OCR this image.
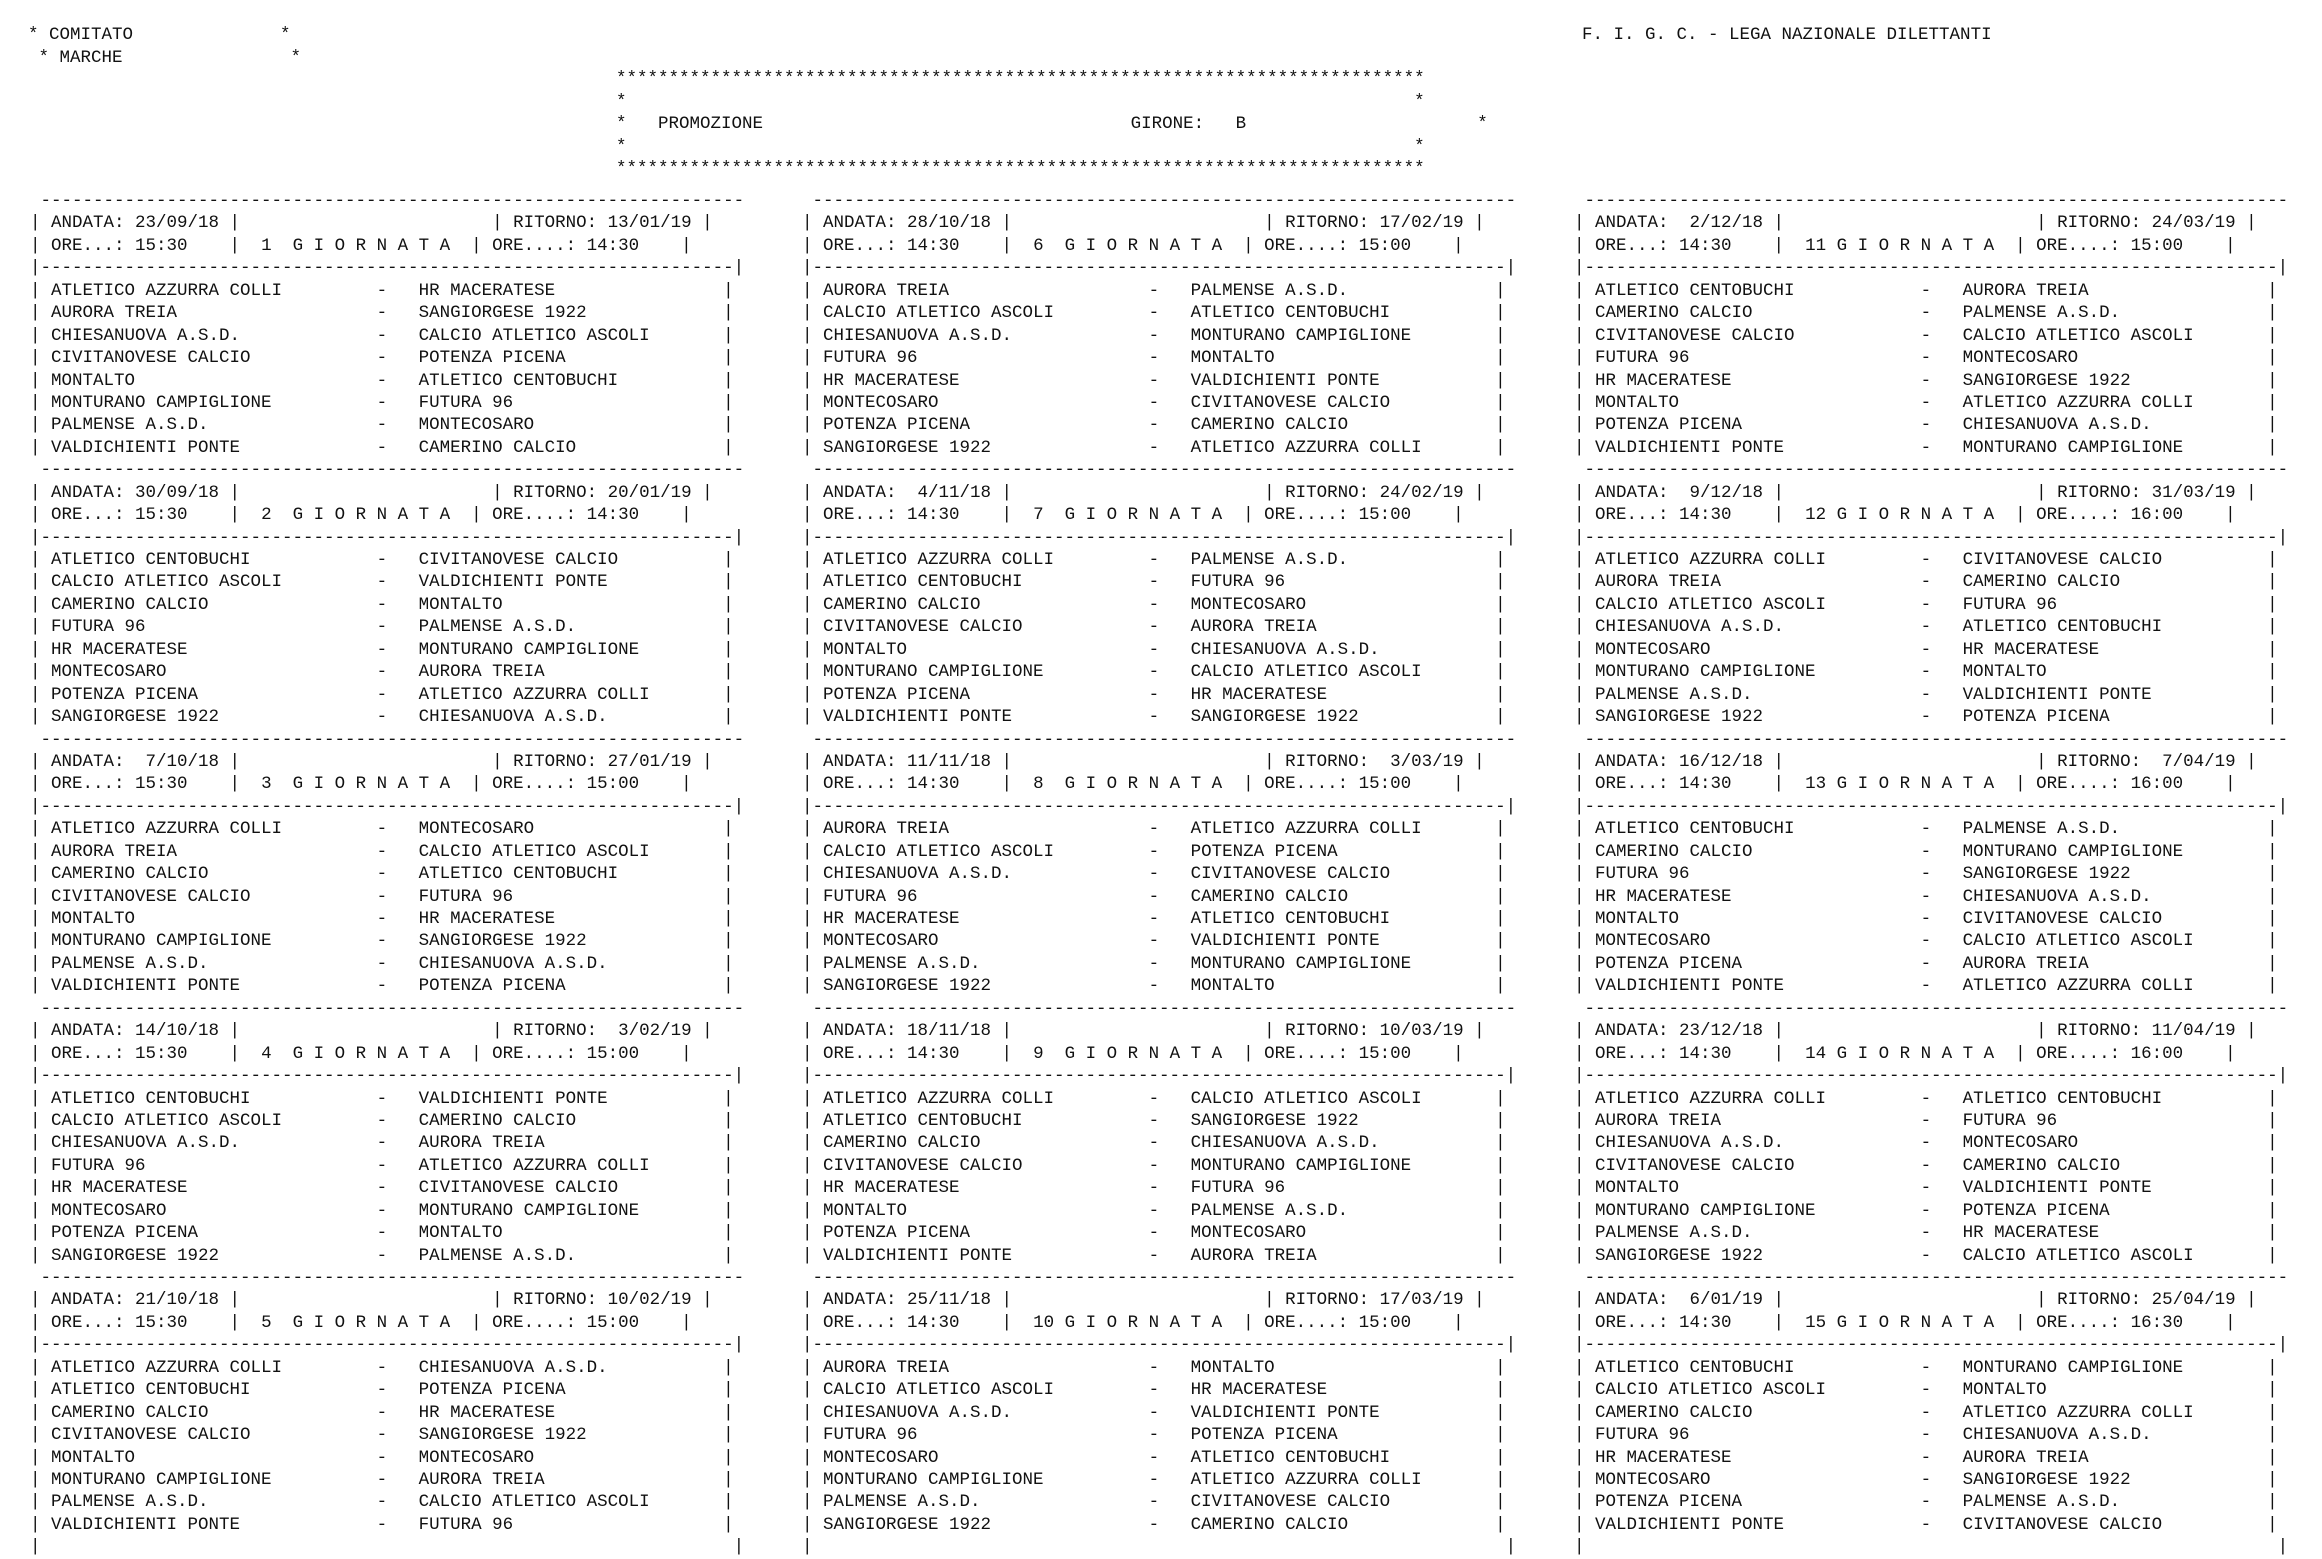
* COMITATO              *
* MARCHE                *
F. I. G. C. - LEGA NAZIONALE DILETTANTI
*****************************************************************************
*                                                                           *
*   PROMOZIONE	GIRONE: B                      *
*                                                                           *
*****************************************************************************
-------------------------------------------------------------------
| ANDATA: 23/09/18 |                        | RITORNO: 13/01/19 |
| ORE...: 15:30    |  1  G I O R N A T A  | ORE....: 14:30    |
|------------------------------------------------------------------|
| ATLETICO AZZURRA COLLI         -   HR MACERATESE                |
| AURORA TREIA                   -   SANGIORGESE 1922             |
| CHIESANUOVA A.S.D.             -   CALCIO ATLETICO ASCOLI       |
| CIVITANOVESE CALCIO            -   POTENZA PICENA               |
| MONTALTO                       -   ATLETICO CENTOBUCHI          |
| MONTURANO CAMPIGLIONE          -   FUTURA 96                    |
| PALMENSE A.S.D.                -   MONTECOSARO                  |
| VALDICHIENTI PONTE             -   CAMERINO CALCIO              |
-------------------------------------------------------------------
| ANDATA: 30/09/18 |                        | RITORNO: 20/01/19 |
| ORE...: 15:30    |  2  G I O R N A T A  | ORE....: 14:30    |
|------------------------------------------------------------------|
| ATLETICO CENTOBUCHI            -   CIVITANOVESE CALCIO          |
| CALCIO ATLETICO ASCOLI         -   VALDICHIENTI PONTE           |
| CAMERINO CALCIO                -   MONTALTO                     |
| FUTURA 96                      -   PALMENSE A.S.D.              |
| HR MACERATESE                  -   MONTURANO CAMPIGLIONE        |
| MONTECOSARO                    -   AURORA TREIA                 |
| POTENZA PICENA                 -   ATLETICO AZZURRA COLLI       |
| SANGIORGESE 1922               -   CHIESANUOVA A.S.D.           |
-------------------------------------------------------------------
| ANDATA:  7/10/18 |                        | RITORNO: 27/01/19 |
| ORE...: 15:30    |  3  G I O R N A T A  | ORE....: 15:00    |
|------------------------------------------------------------------|
| ATLETICO AZZURRA COLLI         -   MONTECOSARO                  |
| AURORA TREIA                   -   CALCIO ATLETICO ASCOLI       |
| CAMERINO CALCIO                -   ATLETICO CENTOBUCHI          |
| CIVITANOVESE CALCIO            -   FUTURA 96                    |
| MONTALTO                       -   HR MACERATESE                |
| MONTURANO CAMPIGLIONE          -   SANGIORGESE 1922             |
| PALMENSE A.S.D.                -   CHIESANUOVA A.S.D.           |
| VALDICHIENTI PONTE             -   POTENZA PICENA               |
-------------------------------------------------------------------
| ANDATA: 14/10/18 |                        | RITORNO:  3/02/19 |
| ORE...: 15:30    |  4  G I O R N A T A  | ORE....: 15:00    |
|------------------------------------------------------------------|
| ATLETICO CENTOBUCHI            -   VALDICHIENTI PONTE           |
| CALCIO ATLETICO ASCOLI         -   CAMERINO CALCIO              |
| CHIESANUOVA A.S.D.             -   AURORA TREIA                 |
| FUTURA 96                      -   ATLETICO AZZURRA COLLI       |
| HR MACERATESE                  -   CIVITANOVESE CALCIO          |
| MONTECOSARO                    -   MONTURANO CAMPIGLIONE        |
| POTENZA PICENA                 -   MONTALTO                     |
| SANGIORGESE 1922               -   PALMENSE A.S.D.              |
-------------------------------------------------------------------
| ANDATA: 21/10/18 |                        | RITORNO: 10/02/19 |
| ORE...: 15:30    |  5  G I O R N A T A  | ORE....: 15:00    |
|------------------------------------------------------------------|
| ATLETICO AZZURRA COLLI         -   CHIESANUOVA A.S.D.           |
| ATLETICO CENTOBUCHI            -   POTENZA PICENA               |
| CAMERINO CALCIO                -   HR MACERATESE                |
| CIVITANOVESE CALCIO            -   SANGIORGESE 1922             |
| MONTALTO                       -   MONTECOSARO                  |
| MONTURANO CAMPIGLIONE          -   AURORA TREIA                 |
| PALMENSE A.S.D.                -   CALCIO ATLETICO ASCOLI       |
| VALDICHIENTI PONTE             -   FUTURA 96                    |
|                                                                  |
-------------------------------------------------------------------
| ANDATA: 28/10/18 |                        | RITORNO: 17/02/19 |
| ORE...: 14:30    |  6  G I O R N A T A  | ORE....: 15:00    |
|------------------------------------------------------------------|
| AURORA TREIA                   -   PALMENSE A.S.D.              |
| CALCIO ATLETICO ASCOLI         -   ATLETICO CENTOBUCHI          |
| CHIESANUOVA A.S.D.             -   MONTURANO CAMPIGLIONE        |
| FUTURA 96                      -   MONTALTO                     |
| HR MACERATESE                  -   VALDICHIENTI PONTE           |
| MONTECOSARO                    -   CIVITANOVESE CALCIO          |
| POTENZA PICENA                 -   CAMERINO CALCIO              |
| SANGIORGESE 1922               -   ATLETICO AZZURRA COLLI       |
-------------------------------------------------------------------
| ANDATA:  4/11/18 |                        | RITORNO: 24/02/19 |
| ORE...: 14:30    |  7  G I O R N A T A  | ORE....: 15:00    |
|------------------------------------------------------------------|
| ATLETICO AZZURRA COLLI         -   PALMENSE A.S.D.              |
| ATLETICO CENTOBUCHI            -   FUTURA 96                    |
| CAMERINO CALCIO                -   MONTECOSARO                  |
| CIVITANOVESE CALCIO            -   AURORA TREIA                 |
| MONTALTO                       -   CHIESANUOVA A.S.D.           |
| MONTURANO CAMPIGLIONE          -   CALCIO ATLETICO ASCOLI       |
| POTENZA PICENA                 -   HR MACERATESE                |
| VALDICHIENTI PONTE             -   SANGIORGESE 1922             |
-------------------------------------------------------------------
| ANDATA: 11/11/18 |                        | RITORNO:  3/03/19 |
| ORE...: 14:30    |  8  G I O R N A T A  | ORE....: 15:00    |
|------------------------------------------------------------------|
| AURORA TREIA                   -   ATLETICO AZZURRA COLLI       |
| CALCIO ATLETICO ASCOLI         -   POTENZA PICENA               |
| CHIESANUOVA A.S.D.             -   CIVITANOVESE CALCIO          |
| FUTURA 96                      -   CAMERINO CALCIO              |
| HR MACERATESE                  -   ATLETICO CENTOBUCHI          |
| MONTECOSARO                    -   VALDICHIENTI PONTE           |
| PALMENSE A.S.D.                -   MONTURANO CAMPIGLIONE        |
| SANGIORGESE 1922               -   MONTALTO                     |
-------------------------------------------------------------------
| ANDATA: 18/11/18 |                        | RITORNO: 10/03/19 |
| ORE...: 14:30    |  9  G I O R N A T A  | ORE....: 15:00    |
|------------------------------------------------------------------|
| ATLETICO AZZURRA COLLI         -   CALCIO ATLETICO ASCOLI       |
| ATLETICO CENTOBUCHI            -   SANGIORGESE 1922             |
| CAMERINO CALCIO                -   CHIESANUOVA A.S.D.           |
| CIVITANOVESE CALCIO            -   MONTURANO CAMPIGLIONE        |
| HR MACERATESE                  -   FUTURA 96                    |
| MONTALTO                       -   PALMENSE A.S.D.              |
| POTENZA PICENA                 -   MONTECOSARO                  |
| VALDICHIENTI PONTE             -   AURORA TREIA                 |
-------------------------------------------------------------------
| ANDATA: 25/11/18 |                        | RITORNO: 17/03/19 |
| ORE...: 14:30    |  10 G I O R N A T A  | ORE....: 15:00    |
|------------------------------------------------------------------|
| AURORA TREIA                   -   MONTALTO                     |
| CALCIO ATLETICO ASCOLI         -   HR MACERATESE                |
| CHIESANUOVA A.S.D.             -   VALDICHIENTI PONTE           |
| FUTURA 96                      -   POTENZA PICENA               |
| MONTECOSARO                    -   ATLETICO CENTOBUCHI          |
| MONTURANO CAMPIGLIONE          -   ATLETICO AZZURRA COLLI       |
| PALMENSE A.S.D.                -   CIVITANOVESE CALCIO          |
| SANGIORGESE 1922               -   CAMERINO CALCIO              |
|                                                                  |
-------------------------------------------------------------------
| ANDATA:  2/12/18 |                        | RITORNO: 24/03/19 |
| ORE...: 14:30    |  11 G I O R N A T A  | ORE....: 15:00    |
|------------------------------------------------------------------|
| ATLETICO CENTOBUCHI            -   AURORA TREIA                 |
| CAMERINO CALCIO                -   PALMENSE A.S.D.              |
| CIVITANOVESE CALCIO            -   CALCIO ATLETICO ASCOLI       |
| FUTURA 96                      -   MONTECOSARO                  |
| HR MACERATESE                  -   SANGIORGESE 1922             |
| MONTALTO                       -   ATLETICO AZZURRA COLLI       |
| POTENZA PICENA                 -   CHIESANUOVA A.S.D.           |
| VALDICHIENTI PONTE             -   MONTURANO CAMPIGLIONE        |
-------------------------------------------------------------------
| ANDATA:  9/12/18 |                        | RITORNO: 31/03/19 |
| ORE...: 14:30    |  12 G I O R N A T A  | ORE....: 16:00    |
|------------------------------------------------------------------|
| ATLETICO AZZURRA COLLI         -   CIVITANOVESE CALCIO          |
| AURORA TREIA                   -   CAMERINO CALCIO              |
| CALCIO ATLETICO ASCOLI         -   FUTURA 96                    |
| CHIESANUOVA A.S.D.             -   ATLETICO CENTOBUCHI          |
| MONTECOSARO                    -   HR MACERATESE                |
| MONTURANO CAMPIGLIONE          -   MONTALTO                     |
| PALMENSE A.S.D.                -   VALDICHIENTI PONTE           |
| SANGIORGESE 1922               -   POTENZA PICENA               |
-------------------------------------------------------------------
| ANDATA: 16/12/18 |                        | RITORNO:  7/04/19 |
| ORE...: 14:30    |  13 G I O R N A T A  | ORE....: 16:00    |
|------------------------------------------------------------------|
| ATLETICO CENTOBUCHI            -   PALMENSE A.S.D.              |
| CAMERINO CALCIO                -   MONTURANO CAMPIGLIONE        |
| FUTURA 96                      -   SANGIORGESE 1922             |
| HR MACERATESE                  -   CHIESANUOVA A.S.D.           |
| MONTALTO                       -   CIVITANOVESE CALCIO          |
| MONTECOSARO                    -   CALCIO ATLETICO ASCOLI       |
| POTENZA PICENA                 -   AURORA TREIA                 |
| VALDICHIENTI PONTE             -   ATLETICO AZZURRA COLLI       |
-------------------------------------------------------------------
| ANDATA: 23/12/18 |                        | RITORNO: 11/04/19 |
| ORE...: 14:30    |  14 G I O R N A T A  | ORE....: 16:00    |
|------------------------------------------------------------------|
| ATLETICO AZZURRA COLLI         -   ATLETICO CENTOBUCHI          |
| AURORA TREIA                   -   FUTURA 96                    |
| CHIESANUOVA A.S.D.             -   MONTECOSARO                  |
| CIVITANOVESE CALCIO            -   CAMERINO CALCIO              |
| MONTALTO                       -   VALDICHIENTI PONTE           |
| MONTURANO CAMPIGLIONE          -   POTENZA PICENA               |
| PALMENSE A.S.D.                -   HR MACERATESE                |
| SANGIORGESE 1922               -   CALCIO ATLETICO ASCOLI       |
-------------------------------------------------------------------
| ANDATA:  6/01/19 |                        | RITORNO: 25/04/19 |
| ORE...: 14:30    |  15 G I O R N A T A  | ORE....: 16:30    |
|------------------------------------------------------------------|
| ATLETICO CENTOBUCHI            -   MONTURANO CAMPIGLIONE        |
| CALCIO ATLETICO ASCOLI         -   MONTALTO                     |
| CAMERINO CALCIO                -   ATLETICO AZZURRA COLLI       |
| FUTURA 96                      -   CHIESANUOVA A.S.D.           |
| HR MACERATESE                  -   AURORA TREIA                 |
| MONTECOSARO                    -   SANGIORGESE 1922             |
| POTENZA PICENA                 -   PALMENSE A.S.D.              |
| VALDICHIENTI PONTE             -   CIVITANOVESE CALCIO          |
|                                                                  |
